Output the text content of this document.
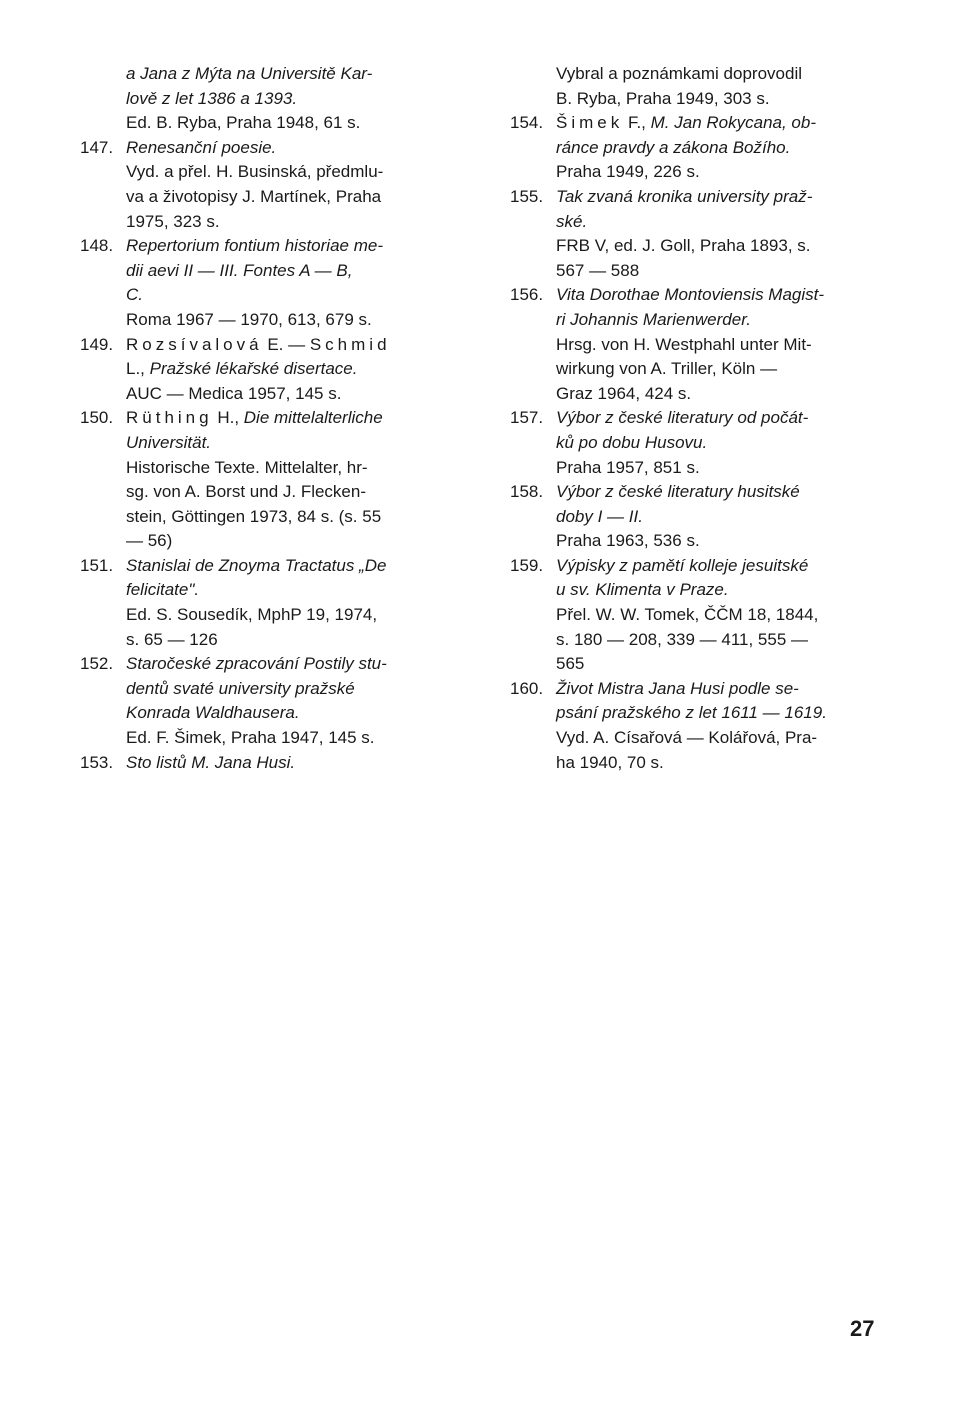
a Jana z Mýta na Universitě Kar-
lově z let 1386 a 1393.
Ed. B. Ryba, Praha 1948, 61 s.
147. Renesanční poesie.
Vyd. a přel. H. Businská, předmlu-
va a životopisy J. Martínek, Praha
1975, 323 s.
148. Repertorium fontium historiae me-
dii aevi II — III. Fontes A — B,
C.
Roma 1967 — 1970, 613, 679 s.
149. Rozsívalová E. — Schmid
L., Pražské lékařské disertace.
AUC — Medica 1957, 145 s.
150. Rüthing H., Die mittelalterliche
Universität.
Historische Texte. Mittelalter, hr-
sg. von A. Borst und J. Flecken-
stein, Göttingen 1973, 84 s. (s. 55
— 56)
151. Stanislai de Znoyma Tractatus „De
felicitate".
Ed. S. Sousedík, MphP 19, 1974,
s. 65 — 126
152. Staročeské zpracování Postily stu-
dentů svaté university pražské
Konrada Waldhausera.
Ed. F. Šimek, Praha 1947, 145 s.
153. Sto listů M. Jana Husi.
Vybral a poznámkami doprovodil
B. Ryba, Praha 1949, 303 s.
154. Šimek F., M. Jan Rokycana, ob-
ránce pravdy a zákona Božího.
Praha 1949, 226 s.
155. Tak zvaná kronika university praž-
ské.
FRB V, ed. J. Goll, Praha 1893, s.
567 — 588
156. Vita Dorothae Montoviensis Magist-
ri Johannis Marienwerder.
Hrsg. von H. Westphahl unter Mit-
wirkung von A. Triller, Köln —
Graz 1964, 424 s.
157. Výbor z české literatury od počát-
ků po dobu Husovu.
Praha 1957, 851 s.
158. Výbor z české literatury husitské
doby I — II.
Praha 1963, 536 s.
159. Výpisky z pamětí kolleje jesuitské
u sv. Klimenta v Praze.
Přel. W. W. Tomek, ČČM 18, 1844,
s. 180 — 208, 339 — 411, 555 —
565
160. Život Mistra Jana Husi podle se-
psání pražského z let 1611 — 1619.
Vyd. A. Císařová — Kolářová, Pra-
ha 1940, 70 s.
27
